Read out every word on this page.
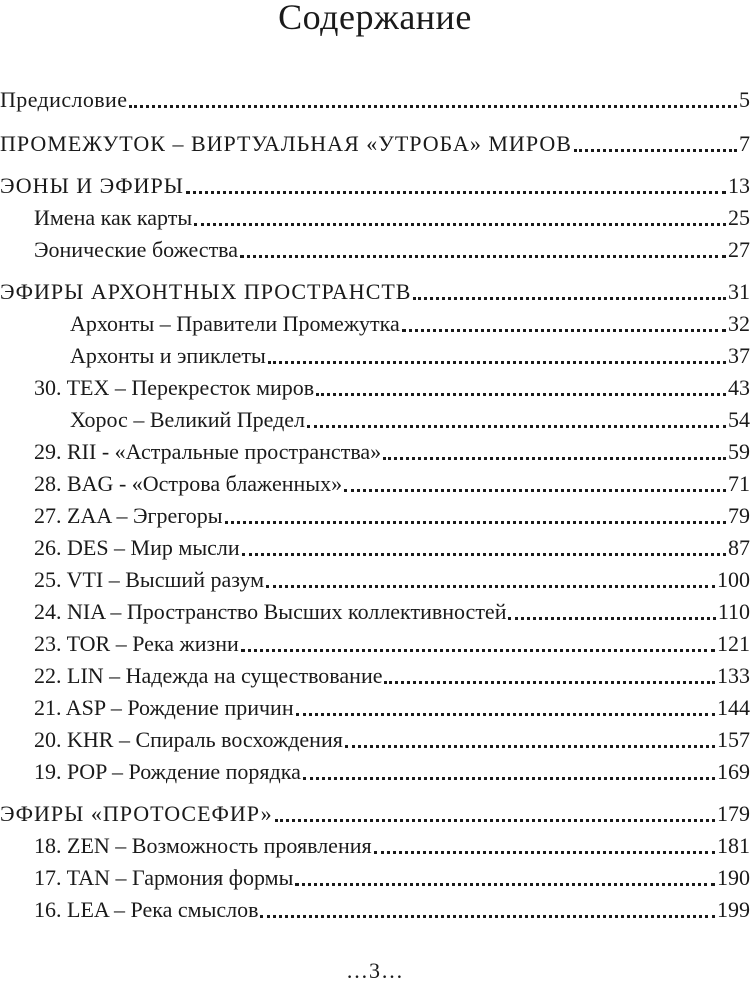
Содержание
Предисловие	5
ПРОМЕЖУТОК – ВИРТУАЛЬНАЯ «УТРОБА» МИРОВ	7
ЭОНЫ И ЭФИРЫ	13
Имена как карты	25
Эонические божества	27
ЭФИРЫ АРХОНТНЫХ ПРОСТРАНСТВ	31
Архонты – Правители Промежутка	32
Архонты и эпиклеты	37
30. TEX – Перекресток миров	43
Хорос – Великий Предел	54
29. RII - «Астральные пространства»	59
28. BAG - «Острова блаженных»	71
27. ZAA – Эгрегоры	79
26. DES – Мир мысли	87
25. VTI – Высший разум	100
24. NIA – Пространство Высших коллективностей	110
23. TOR – Река жизни	121
22. LIN – Надежда на существование	133
21. ASP – Рождение причин	144
20. KHR – Спираль восхождения	157
19. POP – Рождение порядка	169
ЭФИРЫ «ПРОТОСЕФИР»	179
18. ZEN – Возможность проявления	181
17. TAN – Гармония формы	190
16. LEA – Река смыслов	199
…3…
